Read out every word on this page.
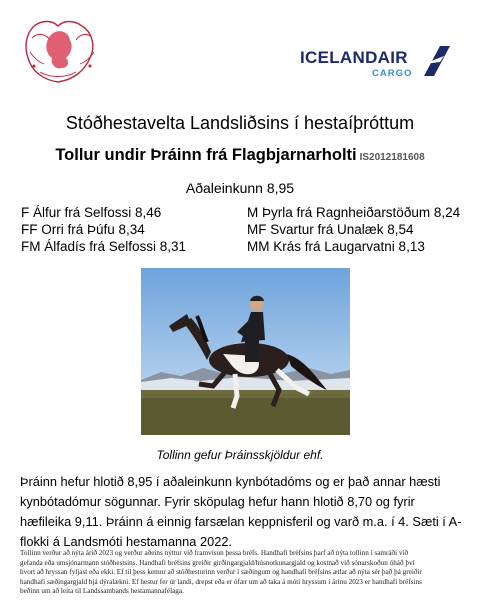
ICELANDAIR
CARGO
Stóðhestavelta Landsliðsins í hestaíþróttum
Tollur undir Þráinn frá Flagbjarnarholti IS2012181608
Aðaleinkunn 8,95
F Álfur frá Selfossi 8,46
FF Orri frá Þúfu 8,34
FM Álfadís frá Selfossi 8,31
M Þyrla frá Ragnheiðarstöðum 8,24
MF Svartur frá Unalæk 8,54
MM Krás frá Laugarvatni 8,13
Tollinn gefur Þráinsskjöldur ehf.
Þráinn hefur hlotið 8,95 í aðaleinkunn kynbótadóms og er það annar hæsti
kynbótadómur sögunnar. Fyrir sköpulag hefur hann hlotið 8,70 og fyrir
hæfileika 9,11. Þráinn á einnig farsælan keppnisferil og varð m.a. í 4. Sæti í A-
flokki á Landsmóti hestamanna 2022.
Tollinn verður að nýta árið 2023 og verður aðeins nýttur við framvísun þessa bréfs. Handhafi bréfsins þarf að nýta tollinn í samráði við
gefanda eða umsjónarmann stóðhestsins. Handhafi bréfsins greiðir girðingargjald/húsnotkunargjald og kostnað við sónarskoðun óháð því
hvort að hryssan fyljast eða ekki. Ef til þess kemur að stóðhesturinn verður í sæðingum og handhafi bréfsins ætlar að nýta sér það þá greiðir
handhafi sæðingargjald hjá dýralækni. Ef hestur fer úr landi, drepst eða er ófær um að taka á móti hryssum í árinu 2023 er handhafi bréfsins
beðinn um að leita til Landssambands hestamannafélaga.
